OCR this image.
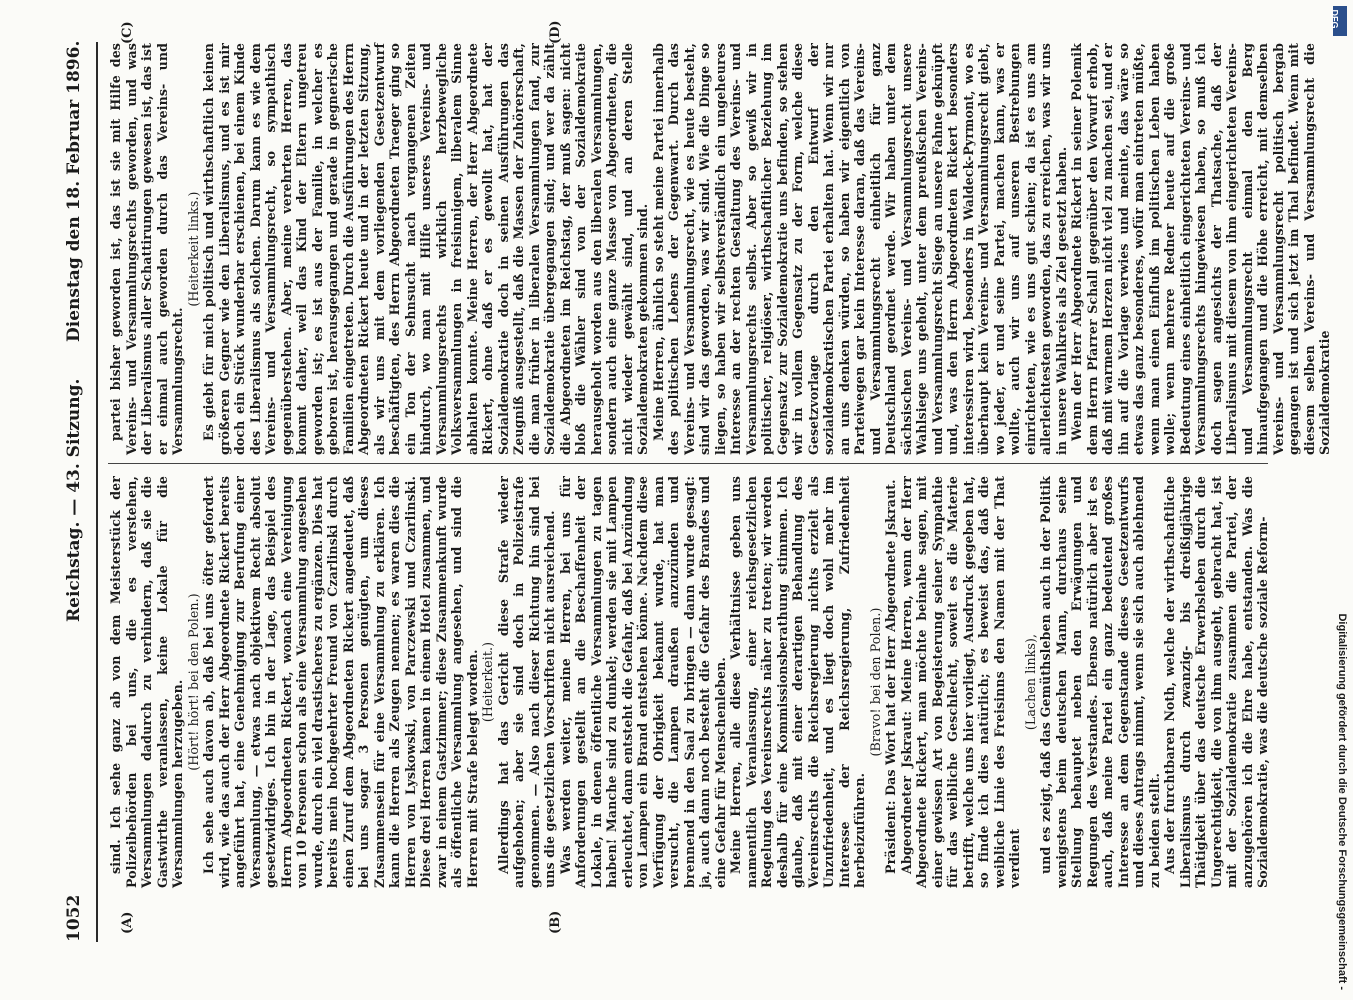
1052
Reichstag. — 43. Sitzung.
Dienstag den 18. Februar 1896.
(A)	(B)
(C)	(D)

sind. Ich sehe ganz ab von dem Meisterstück der Polizeibehörden bei uns, die es verstehen, Versammlungen dadurch zu verhindern, daß sie die Gastwirthe veranlassen, keine Lokale für die Versammlungen herzugeben. (Hört! hört! bei den Polen.) Ich sehe auch davon ab, daß bei uns öfter gefordert wird, wie das auch der Herr Abgeordnete Rickert bereits angeführt hat, eine Genehmigung zur Berufung einer Versammlung, — etwas nach objektivem Recht absolut gesetzwidriges. Ich bin in der Lage, das Beispiel des Herrn Abgeordneten Rickert, wonach eine Vereinigung von 10 Personen schon als eine Versammlung angesehen wurde, durch ein viel drastischeres zu ergänzen. Dies hat bereits mein hochgeehrter Freund von Czarlinski durch einen Zuruf dem Abgeordneten Rickert angedeutet, daß bei uns sogar 3 Personen genügten, um dieses Zusammensein für eine Versammlung zu erklären. Ich kann die Herren als Zeugen nennen; es waren dies die Herren von Lyskowski, von Parczewski und Czarlinski. Diese drei Herren kamen in einem Hotel zusammen, und zwar in einem Gastzimmer; diese Zusammenkunft wurde als öffentliche Versammlung angesehen, und sind die Herren mit Strafe belegt worden. (Heiterkeit.) Allerdings hat das Gericht diese Strafe wieder aufgehoben; aber sie sind doch in Polizeistrafe genommen. — Also nach dieser Richtung hin sind bei uns die gesetzlichen Vorschriften nicht ausreichend. Was werden weiter, meine Herren, bei uns für Anforderungen gestellt an die Beschaffenheit der Lokale, in denen öffentliche Versammlungen zu tagen haben! Manche sind zu dunkel; werden sie mit Lampen erleuchtet, dann entsteht die Gefahr, daß bei Anzündung von Lampen ein Brand entstehen könne. Nachdem diese Verfügung der Obrigkeit bekannt wurde, hat man versucht, die Lampen draußen anzuzünden und brennend in den Saal zu bringen — dann wurde gesagt: ja, auch dann noch besteht die Gefahr des Brandes und eine Gefahr für Menschenleben. Meine Herren, alle diese Verhältnisse geben uns namentlich Veranlassung, einer reichsgesetzlichen Regelung des Vereinsrechts näher zu treten; wir werden deshalb für eine Kommissionsberathung stimmen. Ich glaube, daß mit einer derartigen Behandlung des Vereinsrechts die Reichsregierung nichts erzielt als Unzufriedenheit, und es liegt doch wohl mehr im Interesse der Reichsregierung, Zufriedenheit herbeizuführen.

(Bravo! bei den Polen.) Präsident: Das Wort hat der Herr Abgeordnete Jskraut. Abgeordneter Jskraut: Meine Herren, wenn der Herr Abgeordnete Rickert, man möchte beinahe sagen, mit einer gewissen Art von Begeisterung seiner Sympathie für das weibliche Geschlecht, soweit es die Materie betrifft, welche uns hier vorliegt, Ausdruck gegeben hat, so finde ich dies natürlich; es beweist das, daß die weibliche Linie des Freisinns den Namen mit der That verdient

(Lachen links), und es zeigt, daß das Gemüthsleben auch in der Politik wenigstens beim deutschen Mann, durchaus seine Stellung behauptet neben den Erwägungen und Regungen des Verstandes. Ebenso natürlich aber ist es auch, daß meine Partei ein ganz bedeutend großes Interesse an dem Gegenstande dieses Gesetzentwurfs und dieses Antrags nimmt, wenn sie sich auch ablehnend zu beiden stellt. Aus der furchtbaren Noth, welche der wirthschaftliche Liberalismus durch zwanzig- bis dreißigjährige Thätigkeit über das deutsche Erwerbsleben durch die Ungerechtigkeit, die von ihm ausgeht, gebracht hat, ist mit der Sozialdemokratie zusammen die Partei, der anzugehören ich die Ehre habe, entstanden. Was die Sozialdemokratie, was die deutsche soziale Reform-

partei bisher geworden ist, das ist sie mit Hilfe des Vereins- und Versammlungsrechts geworden, und was der Liberalismus aller Schattirungen gewesen ist, das ist er einmal auch geworden durch das Vereins- und Versammlungsrecht.

(Heiterkeit links.) Es giebt für mich politisch und wirthschaftlich keinen größeren Gegner wie den Liberalismus, und es ist mir doch ein Stück wunderbar erschienen, bei einem Kinde des Liberalismus als solchen. Darum kann es wie dem Vereins- und Versammlungsrecht, so sympathisch gegenüberstehen. Aber, meine verehrten Herren, das kommt daher, weil das Kind der Eltern ungetreu geworden ist; es ist aus der Familie, in welcher es geboren ist, herausgegangen und gerade in gegnerische Familien eingetreten. Durch die Ausführungen des Herrn Abgeordneten Rickert heute und in der letzten Sitzung, als wir uns mit dem vorliegenden Gesetzentwurf beschäftigten, des Herrn Abgeordneten Traeger ging so ein Ton der Sehnsucht nach vergangenen Zeiten hindurch, wo man mit Hilfe unseres Vereins- und Versammlungsrechts wirklich herzbewegliche Volksversammlungen in freisinnigem, liberalem Sinne abhalten konnte. Meine Herren, der Herr Abgeordnete Rickert, ohne daß er es gewollt hat, hat der Sozialdemokratie doch in seinen Ausführungen das Zeugniß ausgestellt, daß die Massen der Zuhörerschaft, die man früher in liberalen Versammlungen fand, zur Sozialdemokratie übergegangen sind; und wer da zählt die Abgeordneten im Reichstag, der muß sagen: nicht bloß die Wähler sind von der Sozialdemokratie herausgeholt worden aus den liberalen Versammlungen, sondern auch eine ganze Masse von Abgeordneten, die nicht wieder gewählt sind, und an deren Stelle Sozialdemokraten gekommen sind. Meine Herren, ähnlich so steht meine Partei innerhalb des politischen Lebens der Gegenwart. Durch das Vereins- und Versammlungsrecht, wie es heute besteht, sind wir das geworden, was wir sind. Wie die Dinge so liegen, so haben wir selbstverständlich ein ungeheures Interesse an der rechten Gestaltung des Vereins- und Versammlungsrechts selbst. Aber so gewiß wir in politischer, religiöser, wirthschaftlicher Beziehung im Gegensatz zur Sozialdemokratie uns befinden, so stehen wir in vollem Gegensatz zu der Form, welche diese Gesetzvorlage durch den Entwurf der sozialdemokratischen Partei erhalten hat. Wenn wir nur an uns denken würden, so haben wir eigentlich von Parteiwegen gar kein Interesse daran, daß das Vereins- und Versammlungsrecht einheitlich für ganz Deutschland geordnet werde. Wir haben unter dem sächsischen Vereins- und Versammlungsrecht unsere Wahlsiege uns geholt, unter dem preußischen Vereins- und Versammlungsrecht Siege an unsere Fahne geknüpft und, was den Herrn Abgeordneten Rickert besonders interessiren wird, besonders in Waldeck-Pyrmont, wo es überhaupt kein Vereins- und Versammlungsrecht giebt, wo jeder, er und seine Partei, machen kann, was er wollte, auch wir uns auf unseren Bestrebungen einrichteten, wie es uns gut schien; da ist es uns am allerleichtesten geworden, das zu erreichen, was wir uns in unsere Wahlkreis als Ziel gesetzt haben. Wenn der Herr Abgeordnete Rickert in seiner Polemik dem Herrn Pfarrer Schall gegenüber den Vorwurf erhob, daß mit warmem Herzen nicht viel zu machen sei, und er ihn auf die Vorlage verwies und meinte, das wäre so etwas das ganz besonderes, wofür man eintreten müßte, wenn man einen Einfluß im politischen Leben haben wolle; wenn mehrere Redner heute auf die große Bedeutung eines einheitlich eingerichteten Vereins- und Versammlungsrechts hingewiesen haben, so muß ich doch sagen angesichts der Thatsache, daß der Liberalismus mit diesem von ihm eingerichteten Vereins- und Versammlungsrecht einmal den Berg hinaufgegangen und die Höhe erreicht, mit demselben Vereins- und Versammlungsrecht politisch bergab gegangen ist und sich jetzt im Thal befindet. Wenn mit diesem selben Vereins- und Versammlungsrecht die Sozialdemokratie

DFG
Digitalisierung gefördert durch die Deutsche Forschungsgemeinschaft -
